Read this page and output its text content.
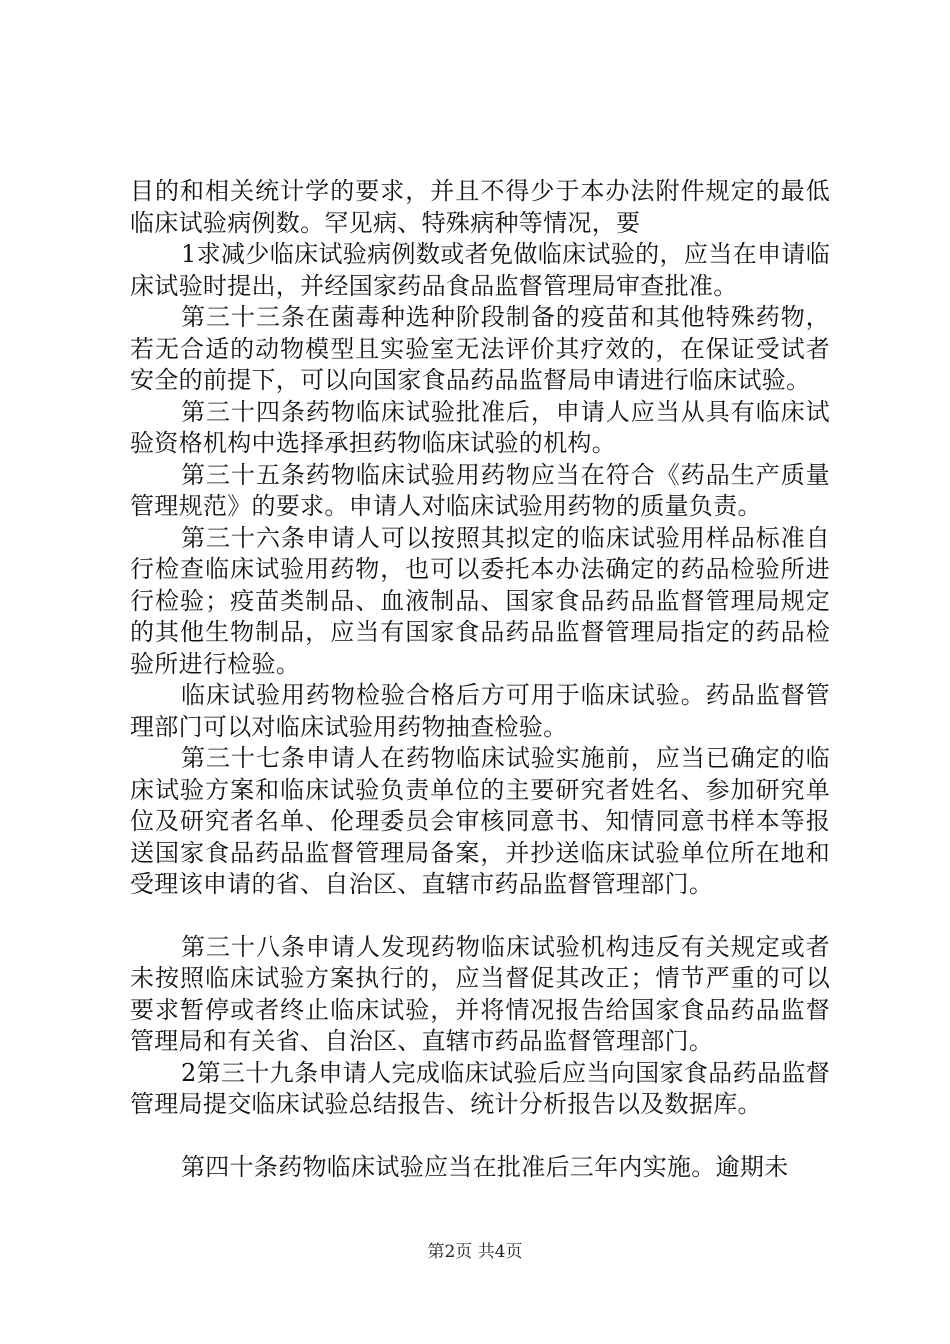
目的和相关统计学的要求，并且不得少于本办法附件规定的最低临床试验病例数。罕见病、特殊病种等情况，要

1求减少临床试验病例数或者免做临床试验的，应当在申请临床试验时提出，并经国家药品食品监督管理局审查批准。

第三十三条在菌毒种选种阶段制备的疫苗和其他特殊药物，若无合适的动物模型且实验室无法评价其疗效的，在保证受试者安全的前提下，可以向国家食品药品监督局申请进行临床试验。

第三十四条药物临床试验批准后，申请人应当从具有临床试验资格机构中选择承担药物临床试验的机构。

第三十五条药物临床试验用药物应当在符合《药品生产质量管理规范》的要求。申请人对临床试验用药物的质量负责。

第三十六条申请人可以按照其拟定的临床试验用样品标准自行检查临床试验用药物，也可以委托本办法确定的药品检验所进行检验；疫苗类制品、血液制品、国家食品药品监督管理局规定的其他生物制品，应当有国家食品药品监督管理局指定的药品检验所进行检验。

临床试验用药物检验合格后方可用于临床试验。药品监督管理部门可以对临床试验用药物抽查检验。

第三十七条申请人在药物临床试验实施前，应当已确定的临床试验方案和临床试验负责单位的主要研究者姓名、参加研究单位及研究者名单、伦理委员会审核同意书、知情同意书样本等报送国家食品药品监督管理局备案，并抄送临床试验单位所在地和受理该申请的省、自治区、直辖市药品监督管理部门。

第三十八条申请人发现药物临床试验机构违反有关规定或者未按照临床试验方案执行的，应当督促其改正；情节严重的可以要求暂停或者终止临床试验，并将情况报告给国家食品药品监督管理局和有关省、自治区、直辖市药品监督管理部门。

2第三十九条申请人完成临床试验后应当向国家食品药品监督管理局提交临床试验总结报告、统计分析报告以及数据库。

第四十条药物临床试验应当在批准后三年内实施。逾期未

第2页 共4页
